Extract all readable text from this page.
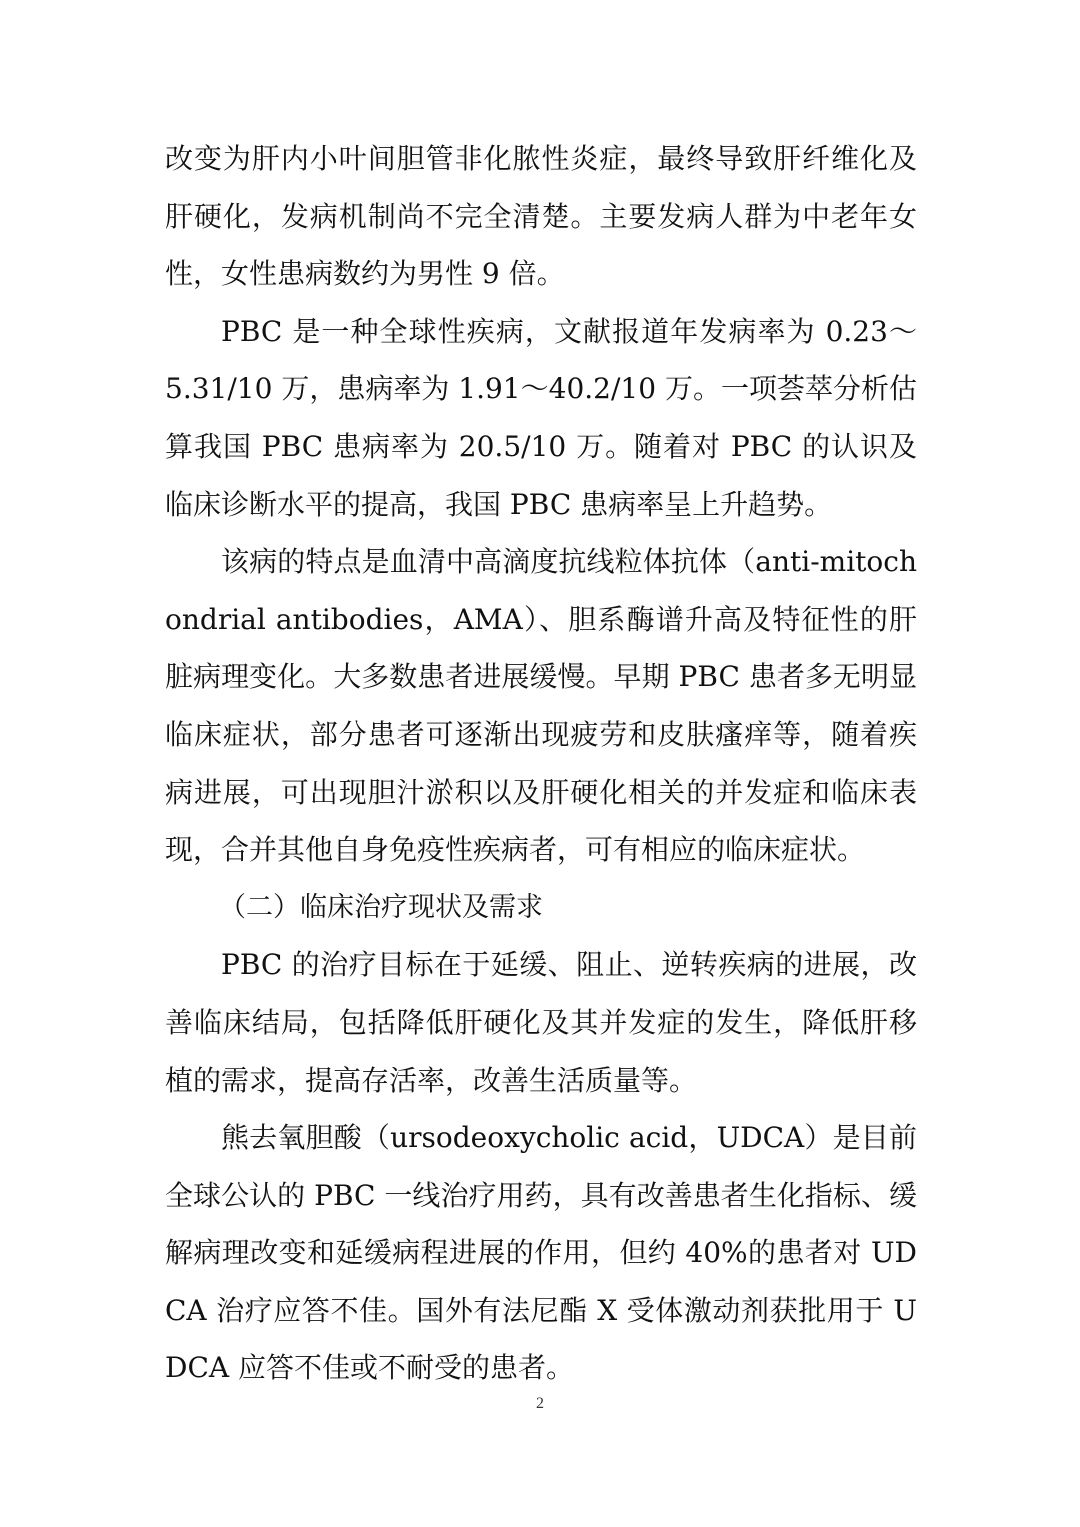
改变为肝内小叶间胆管非化脓性炎症，最终导致肝纤维化及肝硬化，发病机制尚不完全清楚。主要发病人群为中老年女性，女性患病数约为男性 9 倍。

PBC 是一种全球性疾病，文献报道年发病率为 0.23～5.31/10 万，患病率为 1.91～40.2/10 万。一项荟萃分析估算我国 PBC 患病率为 20.5/10 万。随着对 PBC 的认识及临床诊断水平的提高，我国 PBC 患病率呈上升趋势。

该病的特点是血清中高滴度抗线粒体抗体（anti-mitochondrial antibodies，AMA）、胆系酶谱升高及特征性的肝脏病理变化。大多数患者进展缓慢。早期 PBC 患者多无明显临床症状，部分患者可逐渐出现疲劳和皮肤瘙痒等，随着疾病进展，可出现胆汁淤积以及肝硬化相关的并发症和临床表现，合并其他自身免疫性疾病者，可有相应的临床症状。

（二）临床治疗现状及需求

PBC 的治疗目标在于延缓、阻止、逆转疾病的进展，改善临床结局，包括降低肝硬化及其并发症的发生，降低肝移植的需求，提高存活率，改善生活质量等。

熊去氧胆酸（ursodeoxycholic acid，UDCA）是目前全球公认的 PBC 一线治疗用药，具有改善患者生化指标、缓解病理改变和延缓病程进展的作用，但约 40%的患者对 UDCA 治疗应答不佳。国外有法尼酯 X 受体激动剂获批用于 UDCA 应答不佳或不耐受的患者。

2
